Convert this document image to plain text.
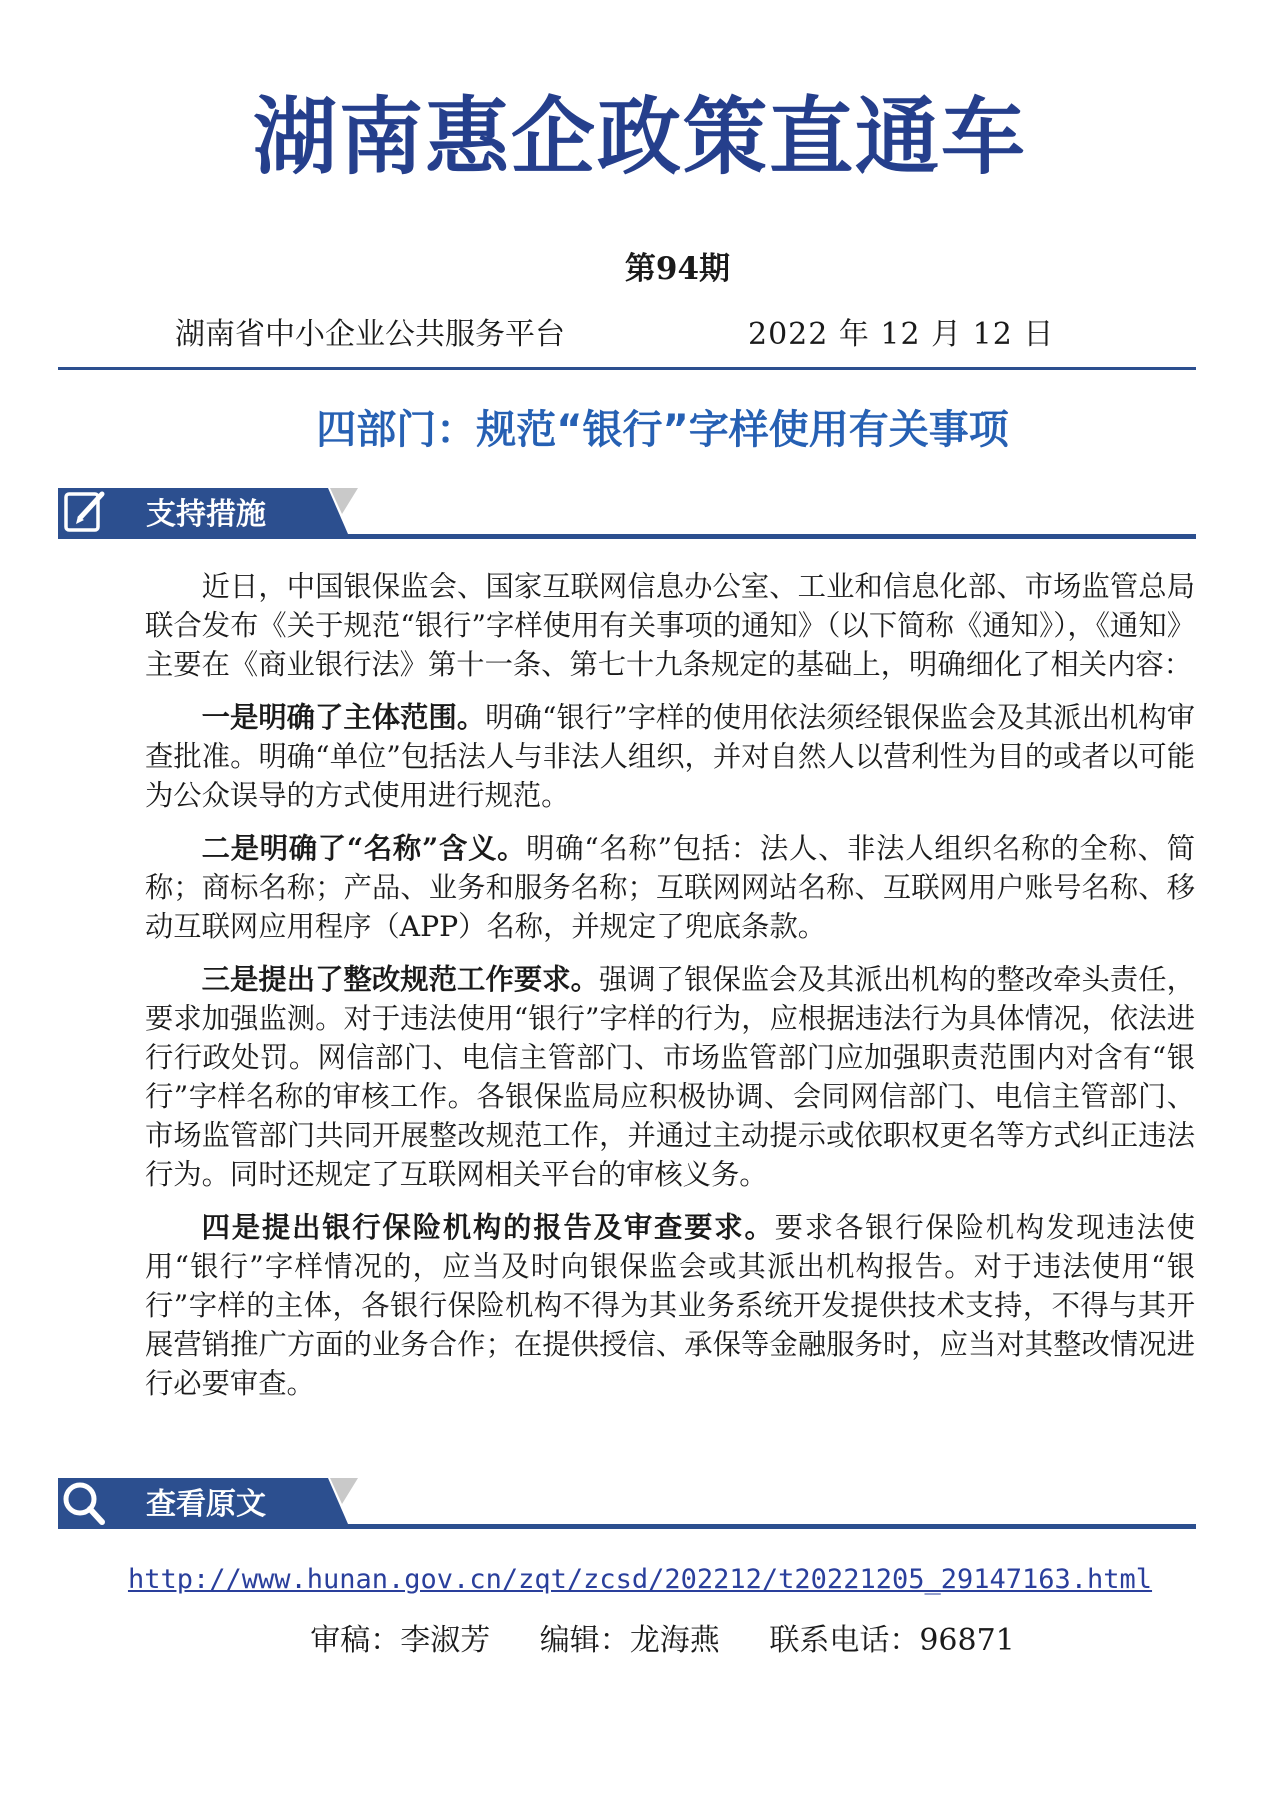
湖南惠企政策直通车
第94期
湖南省中小企业公共服务平台	2022 年 12 月 12 日
四部门：规范“银行”字样使用有关事项
支持措施

近日，中国银保监会、国家互联网信息办公室、工业和信息化部、市场监管总局联合发布《关于规范“银行”字样使用有关事项的通知》（以下简称《通知》），《通知》主要在《商业银行法》第十一条、第七十九条规定的基础上，明确细化了相关内容：

一是明确了主体范围。明确“银行”字样的使用依法须经银保监会及其派出机构审查批准。明确“单位”包括法人与非法人组织，并对自然人以营利性为目的或者以可能为公众误导的方式使用进行规范。

二是明确了“名称”含义。明确“名称”包括：法人、非法人组织名称的全称、简称；商标名称；产品、业务和服务名称；互联网网站名称、互联网用户账号名称、移动互联网应用程序（APP）名称，并规定了兜底条款。

三是提出了整改规范工作要求。强调了银保监会及其派出机构的整改牵头责任，要求加强监测。对于违法使用“银行”字样的行为，应根据违法行为具体情况，依法进行行政处罚。网信部门、电信主管部门、市场监管部门应加强职责范围内对含有“银行”字样名称的审核工作。各银保监局应积极协调、会同网信部门、电信主管部门、市场监管部门共同开展整改规范工作，并通过主动提示或依职权更名等方式纠正违法行为。同时还规定了互联网相关平台的审核义务。

四是提出银行保险机构的报告及审查要求。要求各银行保险机构发现违法使用“银行”字样情况的，应当及时向银保监会或其派出机构报告。对于违法使用“银行”字样的主体，各银行保险机构不得为其业务系统开发提供技术支持，不得与其开展营销推广方面的业务合作；在提供授信、承保等金融服务时，应当对其整改情况进行必要审查。

查看原文
http://www.hunan.gov.cn/zqt/zcsd/202212/t20221205_29147163.html
审稿：李淑芳 编辑：龙海燕 联系电话：96871
